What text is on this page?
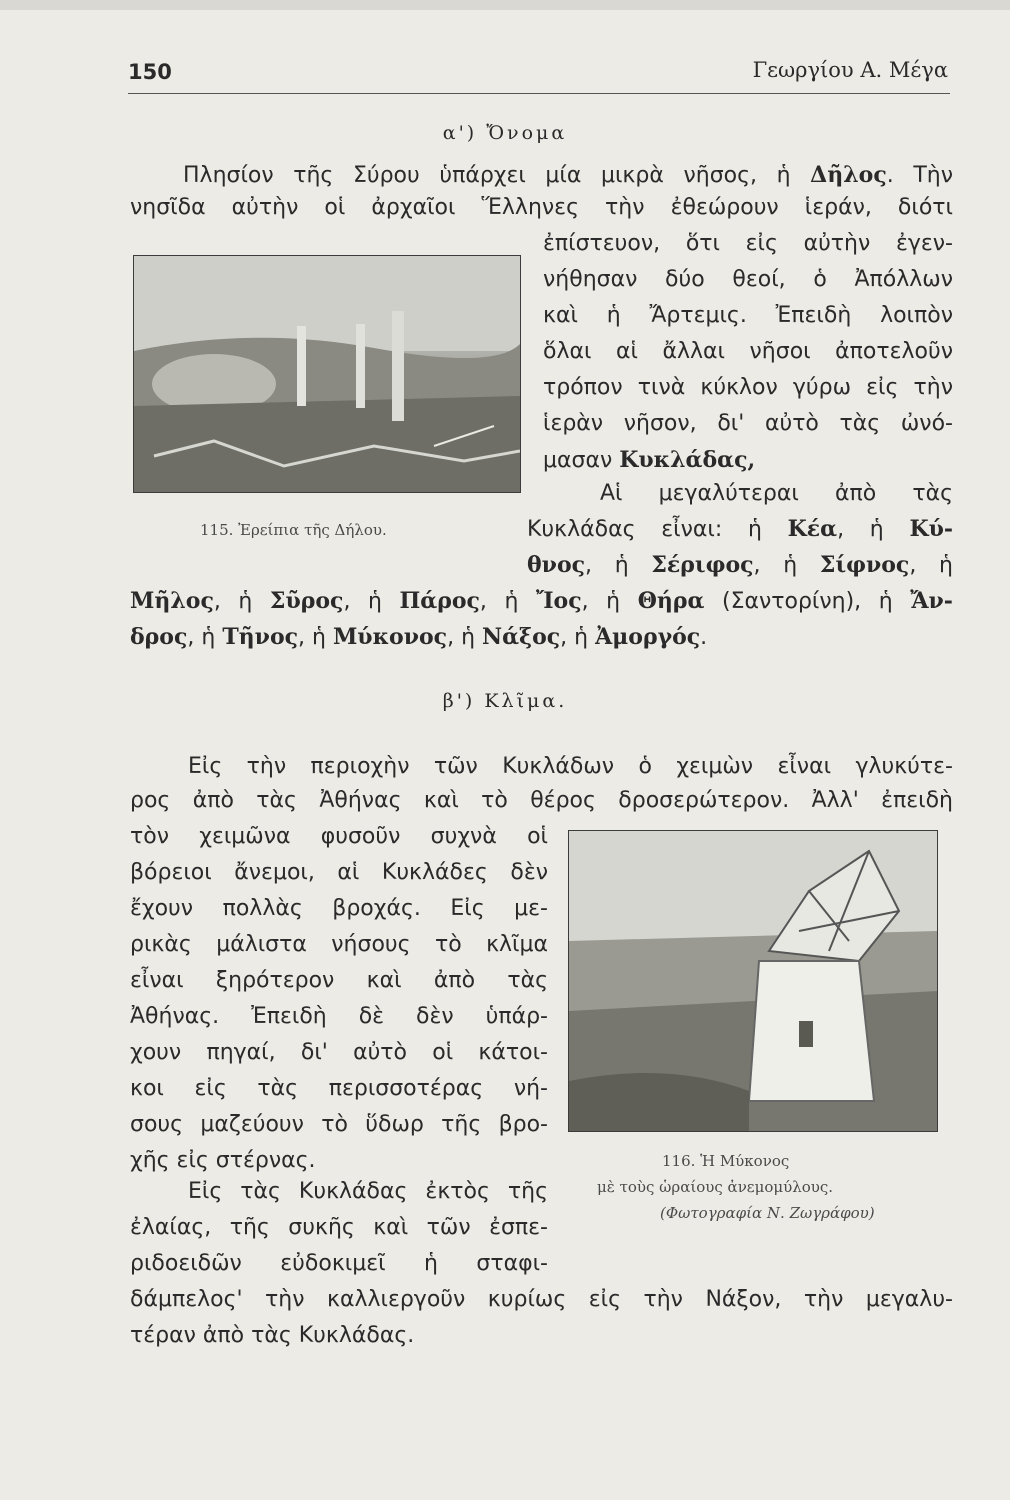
150	Γεωργίου Α. Μέγα
α') Ὄνομα
Πλησίον τῆς Σύρου ὑπάρχει μία μικρὰ νῆσος, ἡ Δῆλος. Τὴν
νησῖδα αὐτὴν οἱ ἀρχαῖοι Ἕλληνες τὴν ἐθεώρουν ἱεράν, διότι
ἐπίστευον, ὅτι εἰς αὐτὴν ἐγεν-
νήθησαν δύο θεοί, ὁ Ἀπόλλων
καὶ ἡ Ἄρτεμις. Ἐπειδὴ λοιπὸν
ὅλαι αἱ ἄλλαι νῆσοι ἀποτελοῦν
τρόπον τινὰ κύκλον γύρω εἰς τὴν
ἱερὰν νῆσον, δι' αὐτὸ τὰς ὠνό-
μασαν Κυκλάδας,
Αἱ μεγαλύτεραι ἀπὸ τὰς
Κυκλάδας εἶναι: ἡ Κέα, ἡ Κύ-
θνος, ἡ Σέριφος, ἡ Σίφνος, ἡ
Μῆλος, ἡ Σῦρος, ἡ Πάρος, ἡ Ἴος, ἡ Θήρα (Σαντορίνη), ἡ Ἄν-
δρος, ἡ Τῆνος, ἡ Μύκονος, ἡ Νάξος, ἡ Ἀμοργός.
115. Ἐρείπια τῆς Δήλου.
β') Κλῖμα.
Εἰς τὴν περιοχὴν τῶν Κυκλάδων ὁ χειμὼν εἶναι γλυκύτε-
ρος ἀπὸ τὰς Ἀθήνας καὶ τὸ θέρος δροσερώτερον. Ἀλλ' ἐπειδὴ
τὸν χειμῶνα φυσοῦν συχνὰ οἱ
βόρειοι ἄνεμοι, αἱ Κυκλάδες δὲν
ἔχουν πολλὰς βροχάς. Εἰς με-
ρικὰς μάλιστα νήσους τὸ κλῖμα
εἶναι ξηρότερον καὶ ἀπὸ τὰς
Ἀθήνας. Ἐπειδὴ δὲ δὲν ὑπάρ-
χουν πηγαί, δι' αὐτὸ οἱ κάτοι-
κοι εἰς τὰς περισσοτέρας νή-
σους μαζεύουν τὸ ὕδωρ τῆς βρο-
χῆς εἰς στέρνας.
Εἰς τὰς Κυκλάδας ἐκτὸς τῆς
ἐλαίας, τῆς συκῆς καὶ τῶν ἐσπε-
ριδοειδῶν εὐδοκιμεῖ ἡ σταφι-
δάμπελος' τὴν καλλιεργοῦν κυρίως εἰς τὴν Νάξον, τὴν μεγαλυ-
τέραν ἀπὸ τὰς Κυκλάδας.
116. Ἡ Μύκονος
μὲ τοὺς ὡραίους ἀνεμομύλους.
(Φωτογραφία Ν. Ζωγράφου)
